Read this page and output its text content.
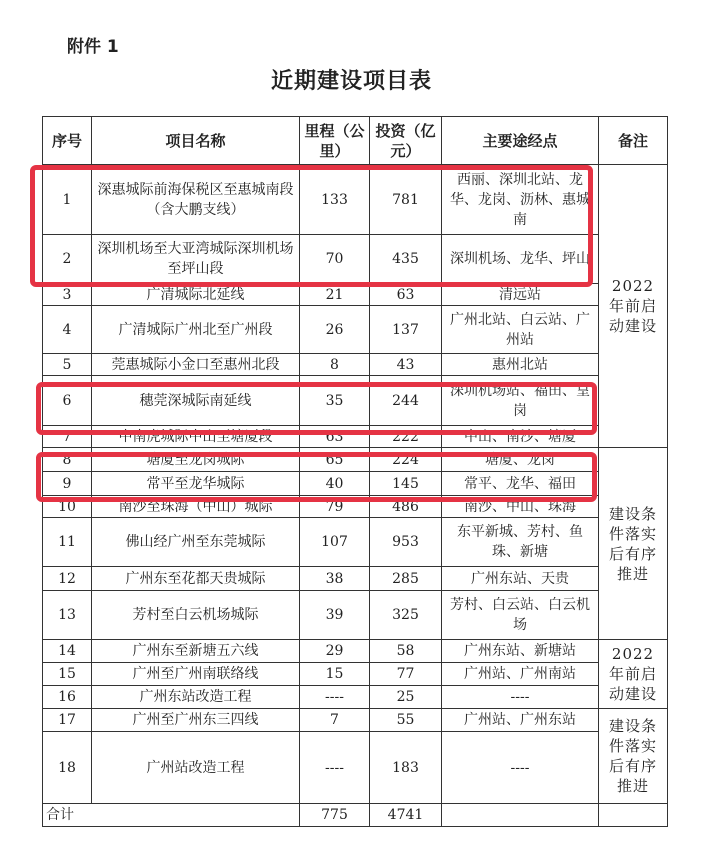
附件 1
近期建设项目表
序号	项目名称	里程（公里）	投资（亿元）	主要途经点	备注
1	深惠城际前海保税区至惠城南段（含大鹏支线）	133	781	西丽、深圳北站、龙华、龙岗、沥林、惠城南	2022 年前启动建设
2	深圳机场至大亚湾城际深圳机场至坪山段	70	435	深圳机场、龙华、坪山	
3	广清城际北延线	21	63	清远站	
4	广清城际广州北至广州段	26	137	广州北站、白云站、广州站	
5	莞惠城际小金口至惠州北段	8	43	惠州北站	
6	穗莞深城际南延线	35	244	深圳机场站、福田、皇岗	
7	中南虎城际中山至塘厦段	63	222	中山、南沙、塘厦	
8	塘厦至龙岗城际	65	224	塘厦、龙岗	建设条件落实后有序推进
9	常平至龙华城际	40	145	常平、龙华、福田	
10	南沙至珠海（中山）城际	79	486	南沙、中山、珠海	
11	佛山经广州至东莞城际	107	953	东平新城、芳村、鱼珠、新塘	
12	广州东至花都天贵城际	38	285	广州东站、天贵	
13	芳村至白云机场城际	39	325	芳村、白云站、白云机场	
14	广州东至新塘五六线	29	58	广州东站、新塘站	2022 年前启动建设
15	广州至广州南联络线	15	77	广州站、广州南站	
16	广州东站改造工程	----	25	----	
17	广州至广州东三四线	7	55	广州站、广州东站	建设条件落实后有序推进
18	广州站改造工程	----	183	----	
合计		775	4741		
